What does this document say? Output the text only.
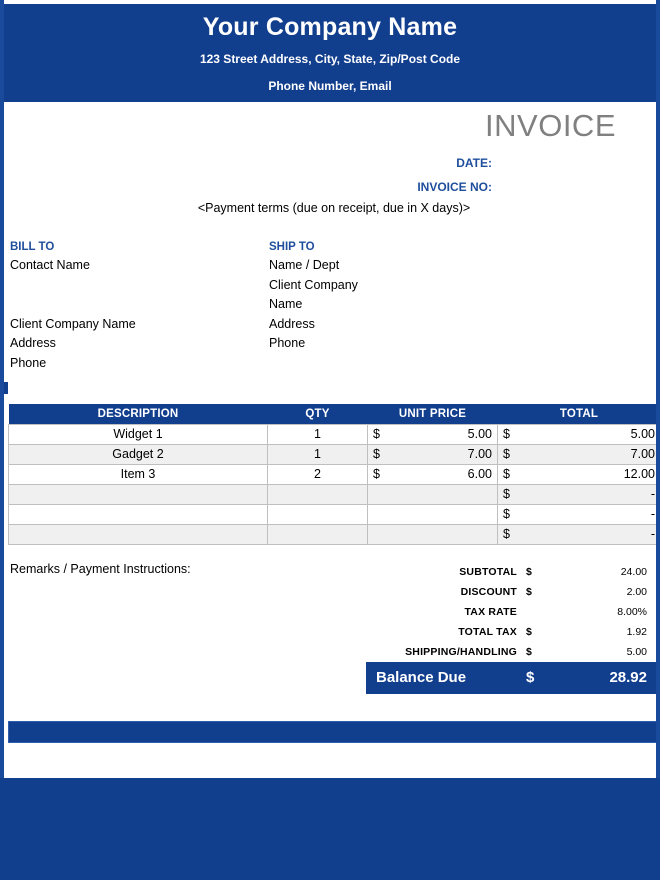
Your Company Name
123 Street Address, City, State, Zip/Post Code
Phone Number, Email
INVOICE
DATE:
INVOICE NO:
<Payment terms (due on receipt, due in X days)>
BILL TO
Contact Name
Client Company Name
Address
Phone
SHIP TO
Name / Dept
Client Company Name
Address
Phone
DESCRIPTION	QTY	UNIT PRICE	TOTAL
Widget 1	1	$ 5.00	$ 5.00

Gadget 2	1	$ 7.00	$ 7.00

Item 3	2	$ 6.00	$ 12.00

			$ -

			$ -

			$ -
Remarks / Payment Instructions:	SUBTOTAL	$	24.00
DISCOUNT	$	2.00
TAX RATE		8.00%
TOTAL TAX	$	1.92
SHIPPING/HANDLING	$	5.00
Balance Due	$	28.92
